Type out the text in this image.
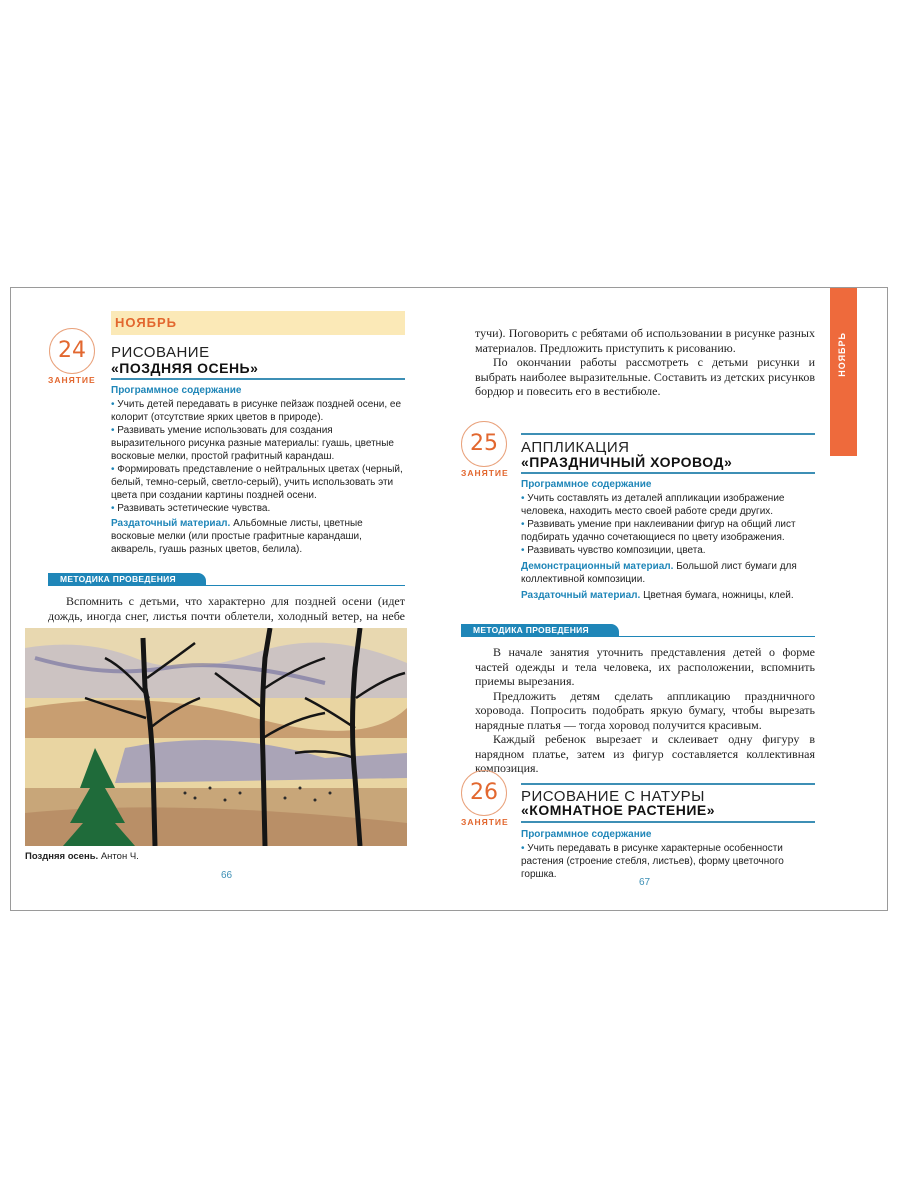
НОЯБРЬ
24
ЗАНЯТИЕ
РИСОВАНИЕ
«ПОЗДНЯЯ ОСЕНЬ»
Программное содержание
• Учить детей передавать в рисунке пейзаж поздней осени, ее колорит (отсутствие ярких цветов в природе).
• Развивать умение использовать для создания выразительного рисунка разные материалы: гуашь, цветные восковые мелки, простой графитный карандаш.
• Формировать представление о нейтральных цветах (черный, белый, темно-серый, светло-серый), учить использовать эти цвета при создании картины поздней осени.
• Развивать эстетические чувства.
Раздаточный материал. Альбомные листы, цветные восковые мелки (или простые графитные карандаши, акварель, гуашь разных цветов, белила).
МЕТОДИКА ПРОВЕДЕНИЯ

Вспомнить с детьми, что характерно для поздней осени (идет дождь, иногда снег, листья почти облетели, холодный ветер, на небе

Поздняя осень. Антон Ч.
66
НОЯБРЬ

тучи). Поговорить с ребятами об использовании в рисунке разных материалов. Предложить приступить к рисованию.

По окончании работы рассмотреть с детьми рисунки и выбрать наиболее выразительные. Составить из детских рисунков бордюр и повесить его в вестибюле.

25
ЗАНЯТИЕ
АППЛИКАЦИЯ
«ПРАЗДНИЧНЫЙ ХОРОВОД»
Программное содержание
• Учить составлять из деталей аппликации изображение человека, находить место своей работе среди других.
• Развивать умение при наклеивании фигур на общий лист подбирать удачно сочетающиеся по цвету изображения.
• Развивать чувство композиции, цвета.
Демонстрационный материал. Большой лист бумаги для коллективной композиции.
Раздаточный материал. Цветная бумага, ножницы, клей.
МЕТОДИКА ПРОВЕДЕНИЯ

В начале занятия уточнить представления детей о форме частей одежды и тела человека, их расположении, вспомнить приемы вырезания.

Предложить детям сделать аппликацию праздничного хоровода. Попросить подобрать яркую бумагу, чтобы вырезать нарядные платья — тогда хоровод получится красивым.

Каждый ребенок вырезает и склеивает одну фигуру в нарядном платье, затем из фигур составляется коллективная композиция.

26
ЗАНЯТИЕ
РИСОВАНИЕ С НАТУРЫ
«КОМНАТНОЕ РАСТЕНИЕ»
Программное содержание
• Учить передавать в рисунке характерные особенности растения (строение стебля, листьев), форму цветочного горшка.
67
